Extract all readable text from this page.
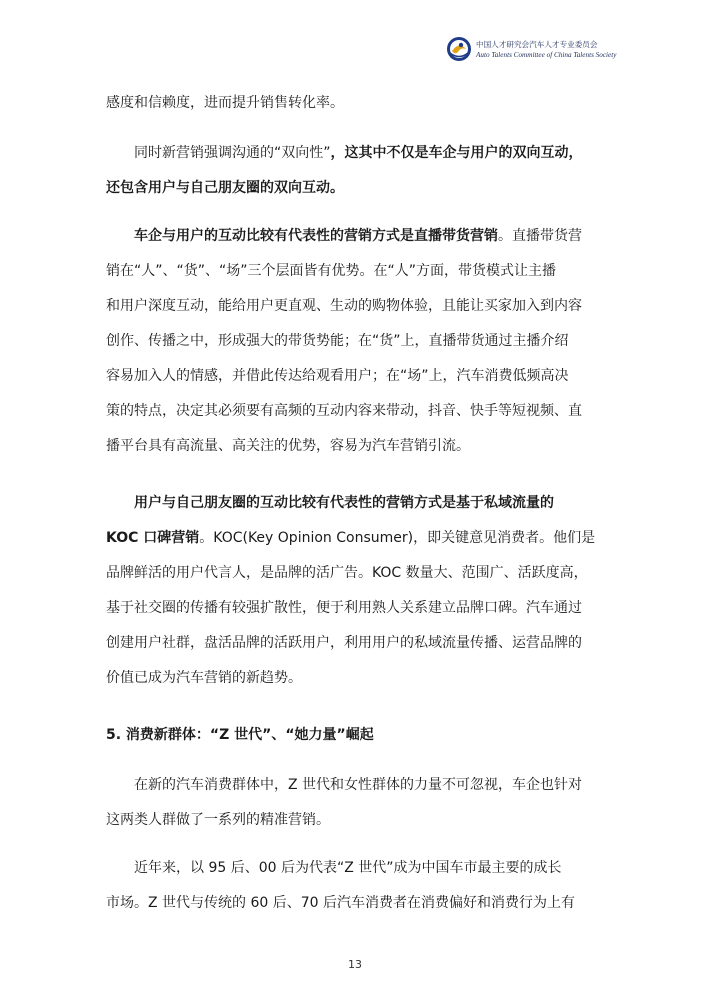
中国人才研究会汽车人才专业委员会
Auto Talents Committee of China Talents Society
感度和信赖度，进而提升销售转化率。
同时新营销强调沟通的“双向性”，这其中不仅是车企与用户的双向互动，
还包含用户与自己朋友圈的双向互动。
车企与用户的互动比较有代表性的营销方式是直播带货营销。直播带货营
销在“人”、“货”、“场”三个层面皆有优势。在“人”方面，带货模式让主播
和用户深度互动，能给用户更直观、生动的购物体验，且能让买家加入到内容
创作、传播之中，形成强大的带货势能；在“货”上，直播带货通过主播介绍
容易加入人的情感，并借此传达给观看用户；在“场”上，汽车消费低频高决
策的特点，决定其必须要有高频的互动内容来带动，抖音、快手等短视频、直
播平台具有高流量、高关注的优势，容易为汽车营销引流。
用户与自己朋友圈的互动比较有代表性的营销方式是基于私域流量的
KOC 口碑营销。KOC(Key Opinion Consumer)，即关键意见消费者。他们是
品牌鲜活的用户代言人，是品牌的活广告。KOC 数量大、范围广、活跃度高，
基于社交圈的传播有较强扩散性，便于利用熟人关系建立品牌口碑。汽车通过
创建用户社群，盘活品牌的活跃用户，利用用户的私域流量传播、运营品牌的
价值已成为汽车营销的新趋势。
5. 消费新群体：“Z 世代”、“她力量”崛起
在新的汽车消费群体中，Z 世代和女性群体的力量不可忽视，车企也针对
这两类人群做了一系列的精准营销。
近年来，以 95 后、00 后为代表“Z 世代”成为中国车市最主要的成长
市场。Z 世代与传统的 60 后、70 后汽车消费者在消费偏好和消费行为上有
13
